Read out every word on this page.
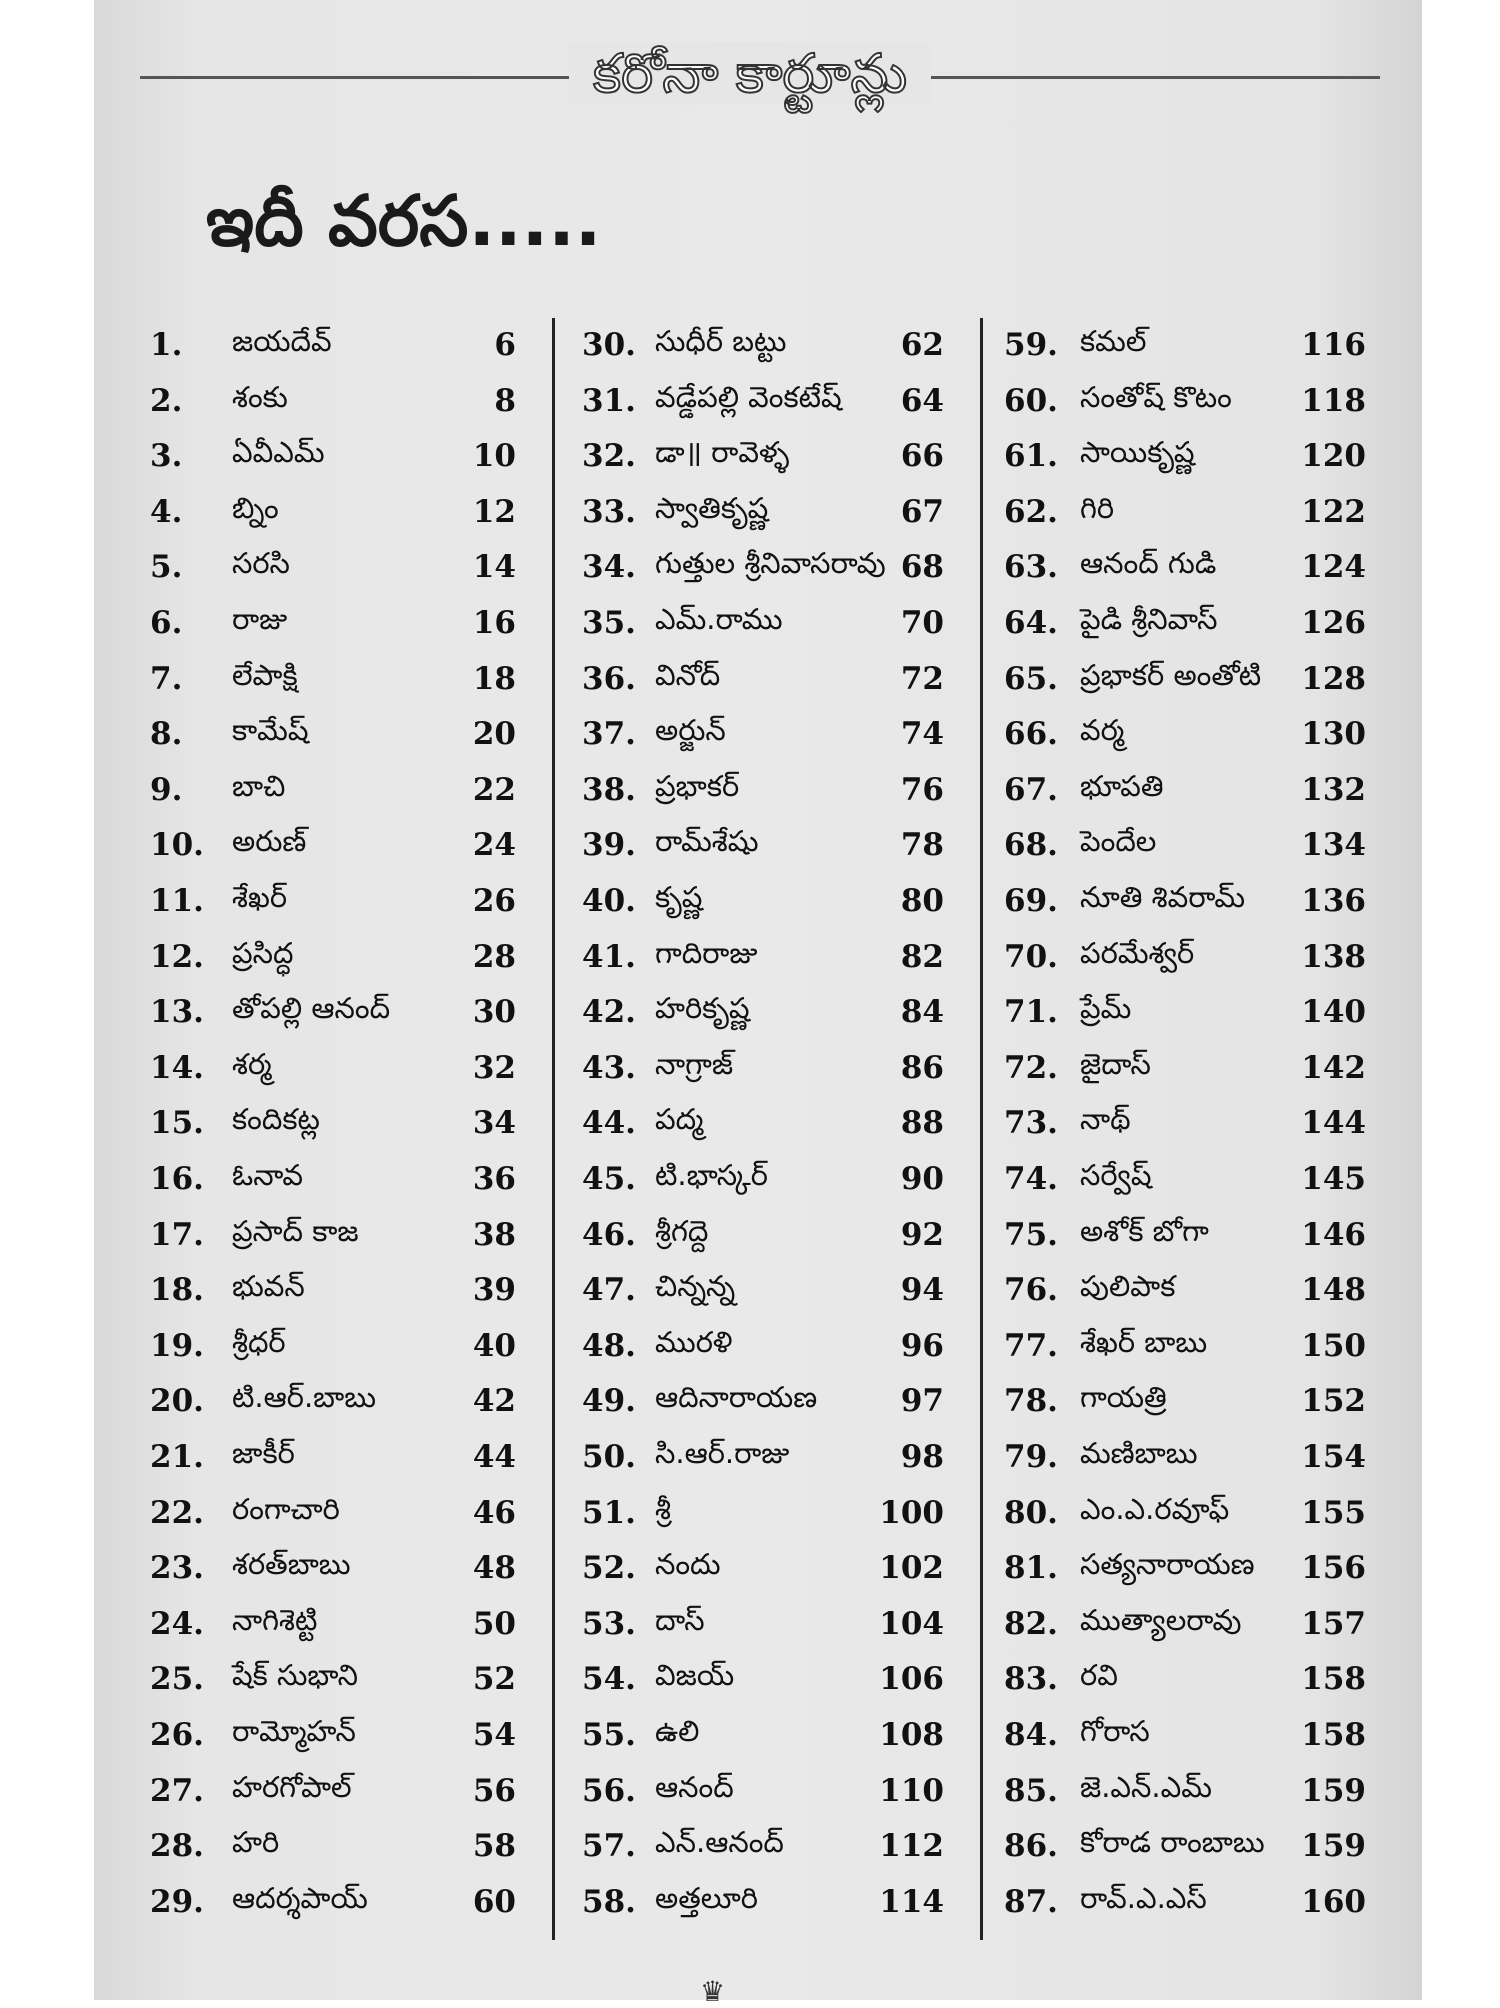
కరోనా కార్టూన్లు
ఇదీ వరస.....
1. జయదేవ్	6
2. శంకు	8
3. ఏవీఎమ్	10
4. బ్నిం	12
5. సరసి	14
6. రాజు	16
7. లేపాక్షి	18
8. కామేష్	20
9. బాచి	22
10. అరుణ్	24
11. శేఖర్	26
12. ప్రసిద్ధ	28
13. తోపల్లి ఆనంద్	30
14. శర్మ	32
15. కందికట్ల	34
16. ఓనావ	36
17. ప్రసాద్ కాజ	38
18. భువన్	39
19. శ్రీధర్	40
20. టి.ఆర్.బాబు	42
21. జాకీర్	44
22. రంగాచారి	46
23. శరత్‌బాబు	48
24. నాగిశెట్టి	50
25. షేక్ సుభాని	52
26. రామ్మోహన్	54
27. హరగోపాల్	56
28. హరి	58
29. ఆదర్శపాయ్	60
30. సుధీర్ బట్టు	62
31. వడ్డేపల్లి వెంకటేష్ 64
32. డా॥ రావెళ్ళ	66
33. స్వాతికృష్ణ	67
34. గుత్తుల శ్రీనివాసరావు 68
35. ఎమ్.రాము	70
36. వినోద్	72
37. అర్జున్	74
38. ప్రభాకర్	76
39. రామ్‌శేషు	78
40. కృష్ణ	80
41. గాదిరాజు	82
42. హరికృష్ణ	84
43. నాగ్రాజ్	86
44. పద్మ	88
45. టి.భాస్కర్	90
46. శ్రీగద్దె	92
47. చిన్నన్న	94
48. మురళి	96
49. ఆదినారాయణ	97
50. సి.ఆర్.రాజు	98
51. శ్రీ	100
52. నందు	102
53. దాస్	104
54. విజయ్	106
55. ఉలి	108
56. ఆనంద్	110
57. ఎన్.ఆనంద్	112
58. అత్తలూరి	114
59. కమల్	116
60. సంతోష్ కొటం 118
61. సాయికృష్ణ	120
62. గిరి	122
63. ఆనంద్ గుడి	124
64. పైడి శ్రీనివాస్	126
65. ప్రభాకర్ అంతోటి 128
66. వర్మ	130
67. భూపతి	132
68. పెందేల	134
69. నూతి శివరామ్ 136
70. పరమేశ్వర్	138
71. ప్రేమ్	140
72. జైదాస్	142
73. నాథ్	144
74. సర్వేష్	145
75. అశోక్ బోగా	146
76. పులిపాక	148
77. శేఖర్ బాబు	150
78. గాయత్రి	152
79. మణిబాబు	154
80. ఎం.ఎ.రవూఫ్ 155
81. సత్యనారాయణ 156
82. ముత్యాలరావు 157
83. రవి	158
84. గోరాస	158
85. జె.ఎన్.ఎమ్	159
86. కోరాడ రాంబాబు 159
87. రావ్.ఎ.ఎస్	160
♛
